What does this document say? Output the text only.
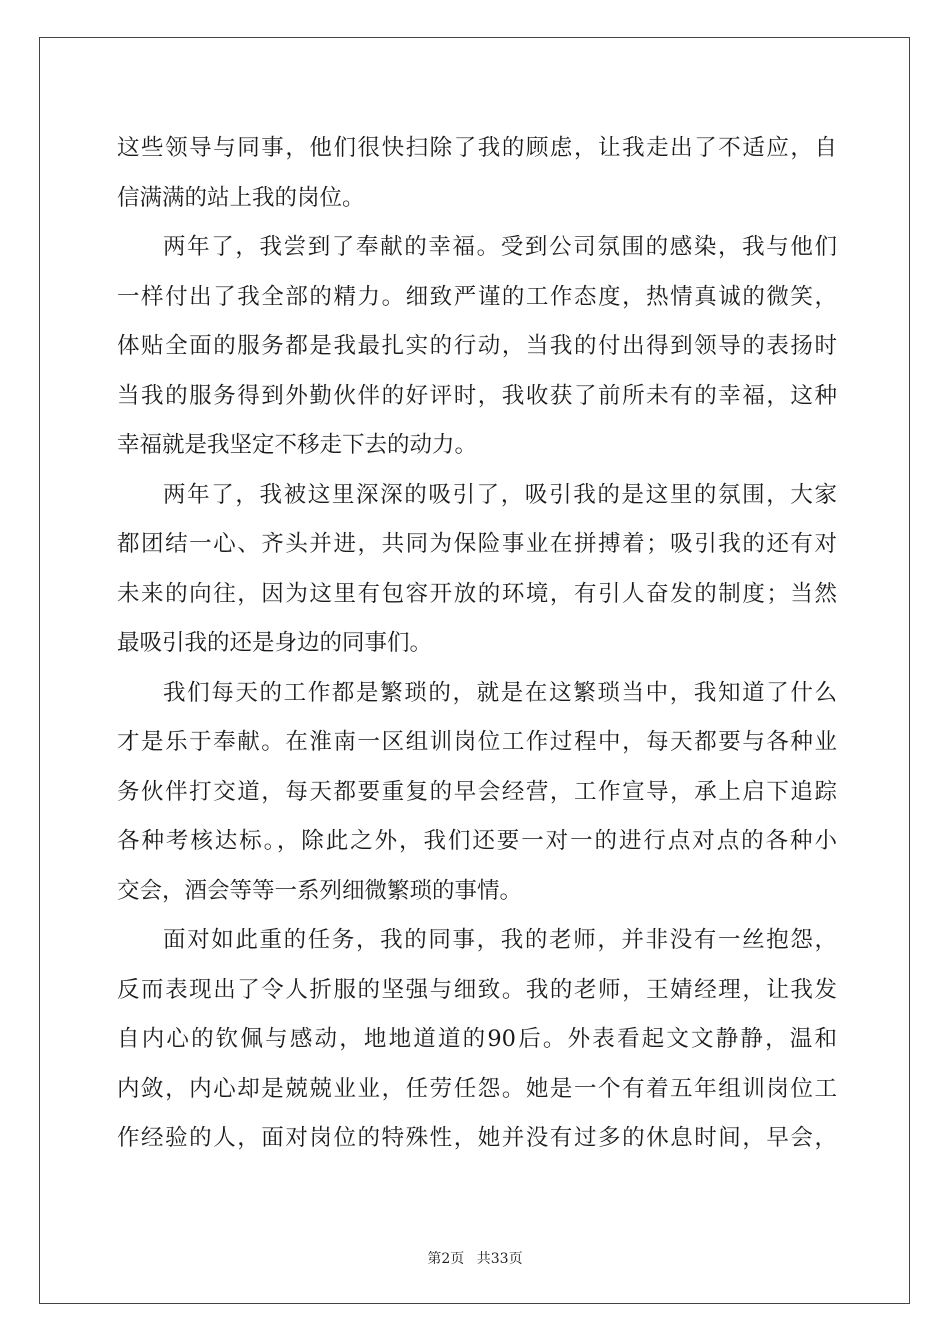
这些领导与同事，他们很快扫除了我的顾虑，让我走出了不适应，自
信满满的站上我的岗位。
两年了，我尝到了奉献的幸福。受到公司氛围的感染，我与他们
一样付出了我全部的精力。细致严谨的工作态度，热情真诚的微笑，
体贴全面的服务都是我最扎实的行动，当我的付出得到领导的表扬时
当我的服务得到外勤伙伴的好评时，我收获了前所未有的幸福，这种
幸福就是我坚定不移走下去的动力。
两年了，我被这里深深的吸引了，吸引我的是这里的氛围，大家
都团结一心、齐头并进，共同为保险事业在拼搏着；吸引我的还有对
未来的向往，因为这里有包容开放的环境，有引人奋发的制度；当然
最吸引我的还是身边的同事们。
我们每天的工作都是繁琐的，就是在这繁琐当中，我知道了什么
才是乐于奉献。在淮南一区组训岗位工作过程中，每天都要与各种业
务伙伴打交道，每天都要重复的早会经营，工作宣导，承上启下追踪
各种考核达标。，除此之外，我们还要一对一的进行点对点的各种小
交会，酒会等等一系列细微繁琐的事情。
面对如此重的任务，我的同事，我的老师，并非没有一丝抱怨，
反而表现出了令人折服的坚强与细致。我的老师，王婧经理，让我发
自内心的钦佩与感动，地地道道的90后。外表看起文文静静，温和
内敛，内心却是兢兢业业，任劳任怨。她是一个有着五年组训岗位工
作经验的人，面对岗位的特殊性，她并没有过多的休息时间，早会，
第2页 共33页
